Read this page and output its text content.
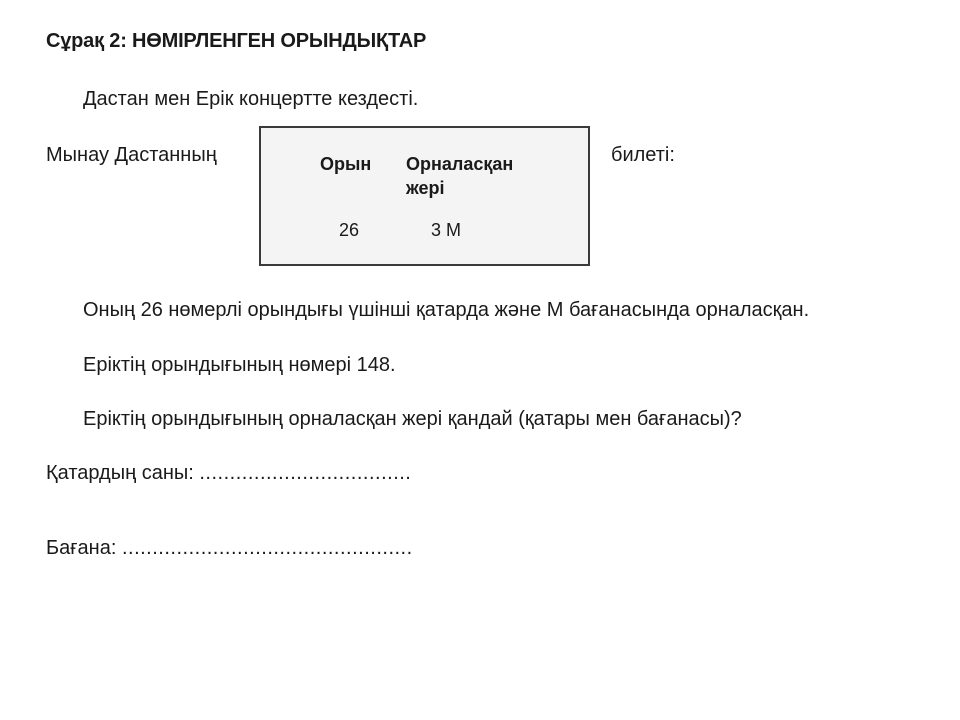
Сұрақ 2: НӨМІРЛЕНГЕН ОРЫНДЫҚТАР
Дастан мен Ерік концертте кездесті.
Мынау Дастанның	Орын Орналасқан
жері
26	3 M
билеті:
Оның 26 нөмерлі орындығы үшінші қатарда және M бағанасында орналасқан.
Еріктің орындығының нөмері 148.
Еріктің орындығының орналасқан жері қандай (қатары мен бағанасы)?
Қатардың саны: ...................................
Бағана: ................................................
